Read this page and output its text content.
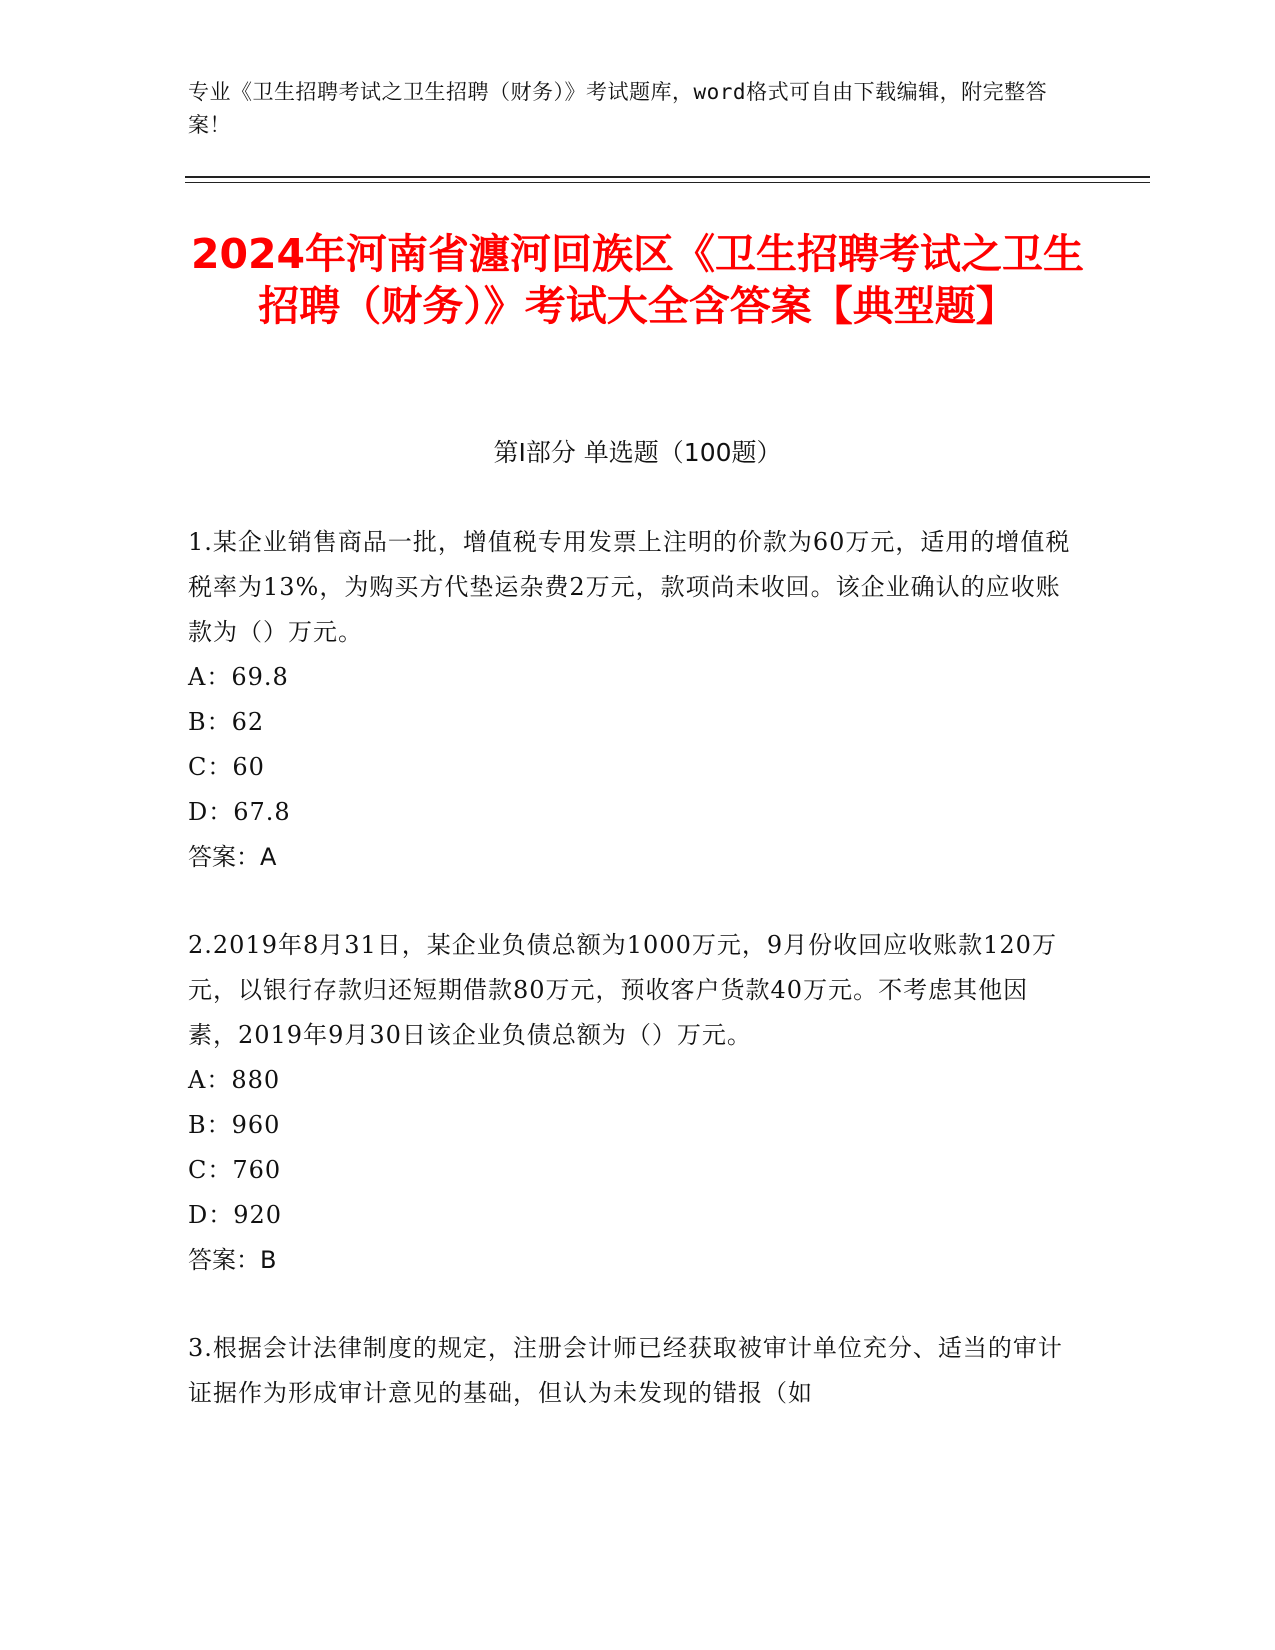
专业《卫生招聘考试之卫生招聘（财务）》考试题库，word格式可自由下载编辑，附完整答案！
2024年河南省瀍河回族区《卫生招聘考试之卫生招聘（财务）》考试大全含答案【典型题】
第Ⅰ部分 单选题（100题）

1.某企业销售商品一批，增值税专用发票上注明的价款为60万元，适用的增值税税率为13%，为购买方代垫运杂费2万元，款项尚未收回。该企业确认的应收账款为（）万元。

A：69.8

B：62

C：60

D：67.8

答案：A

2.2019年8月31日，某企业负债总额为1000万元，9月份收回应收账款120万元，以银行存款归还短期借款80万元，预收客户货款40万元。不考虑其他因素，2019年9月30日该企业负债总额为（）万元。

A：880

B：960

C：760

D：920

答案：B

3.根据会计法律制度的规定，注册会计师已经获取被审计单位充分、适当的审计证据作为形成审计意见的基础，但认为未发现的错报（如
